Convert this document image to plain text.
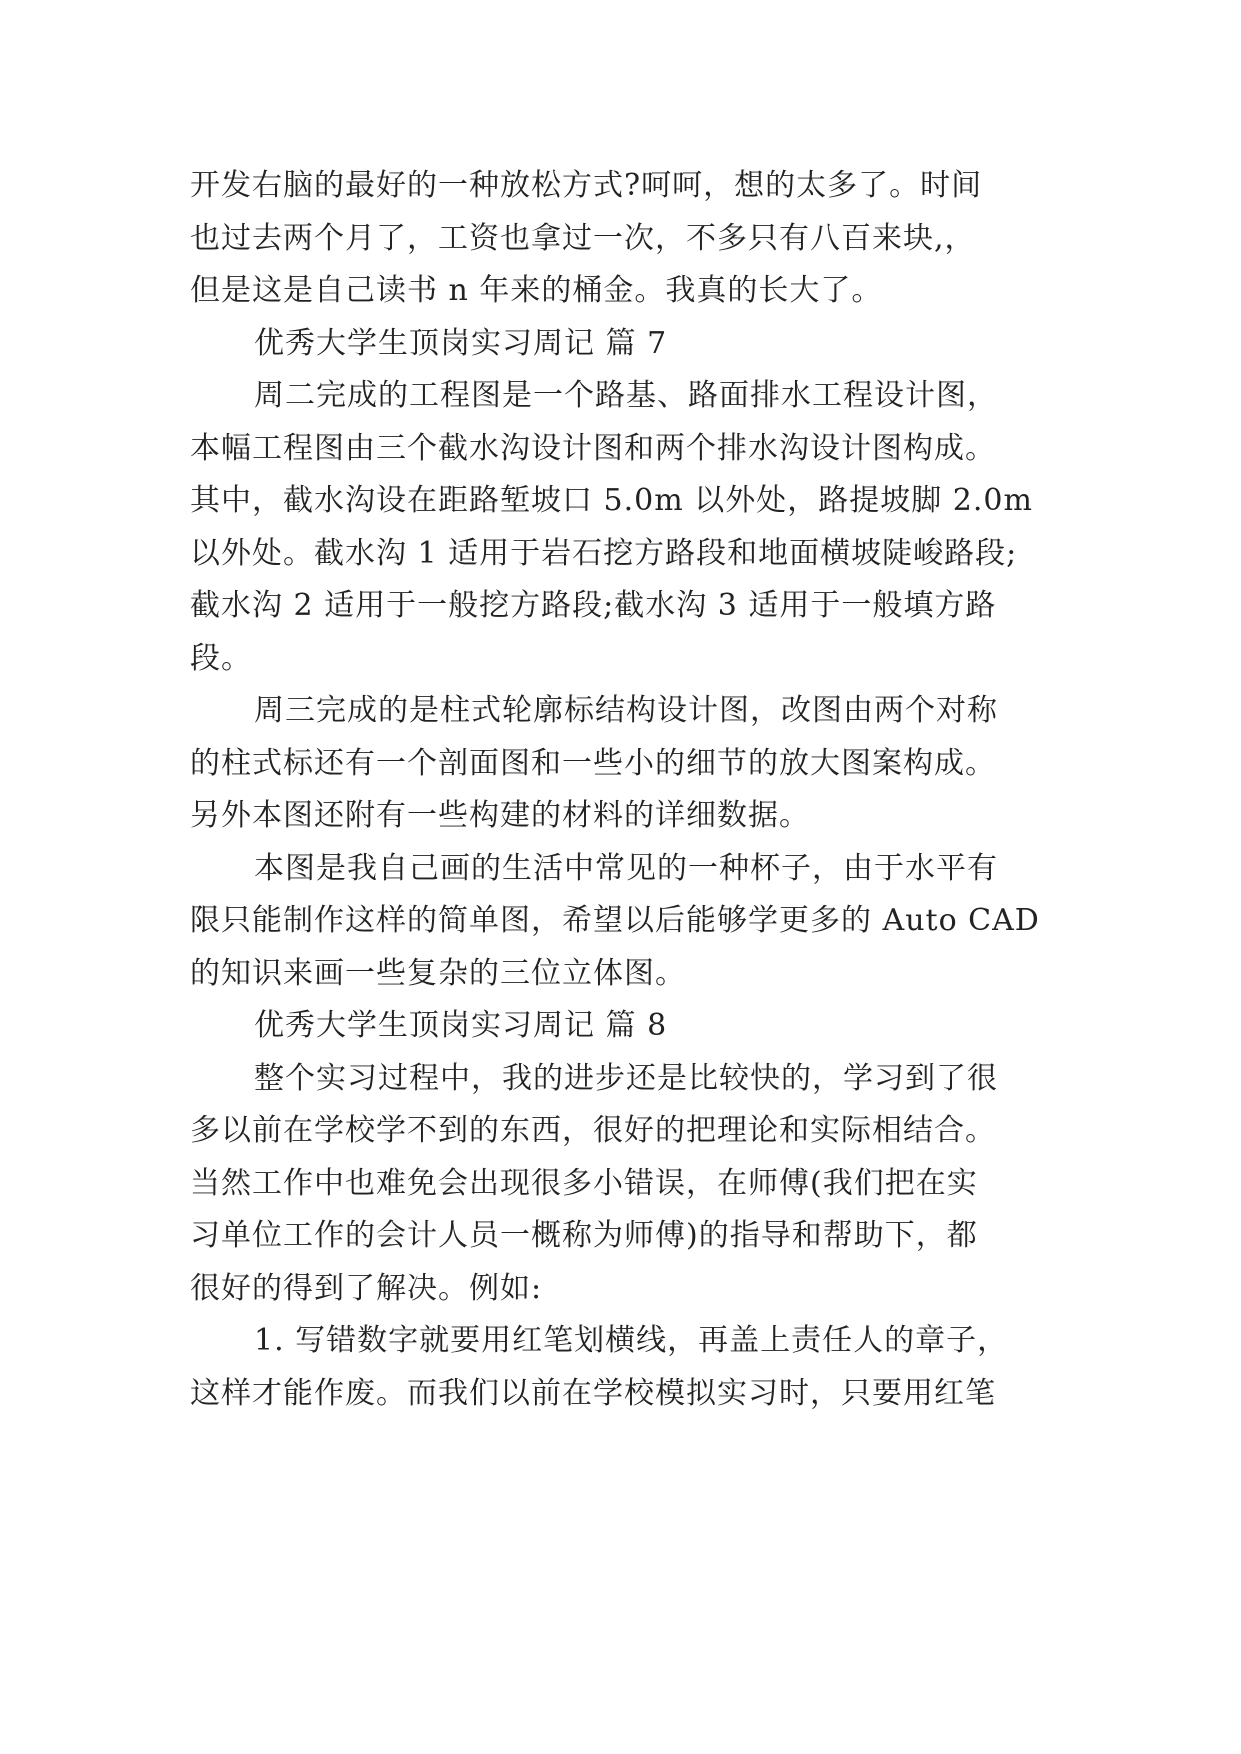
开发右脑的最好的一种放松方式?呵呵，想的太多了。时间
也过去两个月了，工资也拿过一次，不多只有八百来块,，
但是这是自己读书 n 年来的桶金。我真的长大了。
优秀大学生顶岗实习周记 篇 7
周二完成的工程图是一个路基、路面排水工程设计图，
本幅工程图由三个截水沟设计图和两个排水沟设计图构成。
其中，截水沟设在距路堑坡口 5.0m 以外处，路提坡脚 2.0m
以外处。截水沟 1 适用于岩石挖方路段和地面横坡陡峻路段;
截水沟 2 适用于一般挖方路段;截水沟 3 适用于一般填方路
段。
周三完成的是柱式轮廓标结构设计图，改图由两个对称
的柱式标还有一个剖面图和一些小的细节的放大图案构成。
另外本图还附有一些构建的材料的详细数据。
本图是我自己画的生活中常见的一种杯子，由于水平有
限只能制作这样的简单图，希望以后能够学更多的 Auto CAD
的知识来画一些复杂的三位立体图。
优秀大学生顶岗实习周记 篇 8
整个实习过程中，我的进步还是比较快的，学习到了很
多以前在学校学不到的东西，很好的把理论和实际相结合。
当然工作中也难免会出现很多小错误，在师傅(我们把在实
习单位工作的会计人员一概称为师傅)的指导和帮助下，都
很好的得到了解决。例如:
1. 写错数字就要用红笔划横线，再盖上责任人的章子，
这样才能作废。而我们以前在学校模拟实习时，只要用红笔
